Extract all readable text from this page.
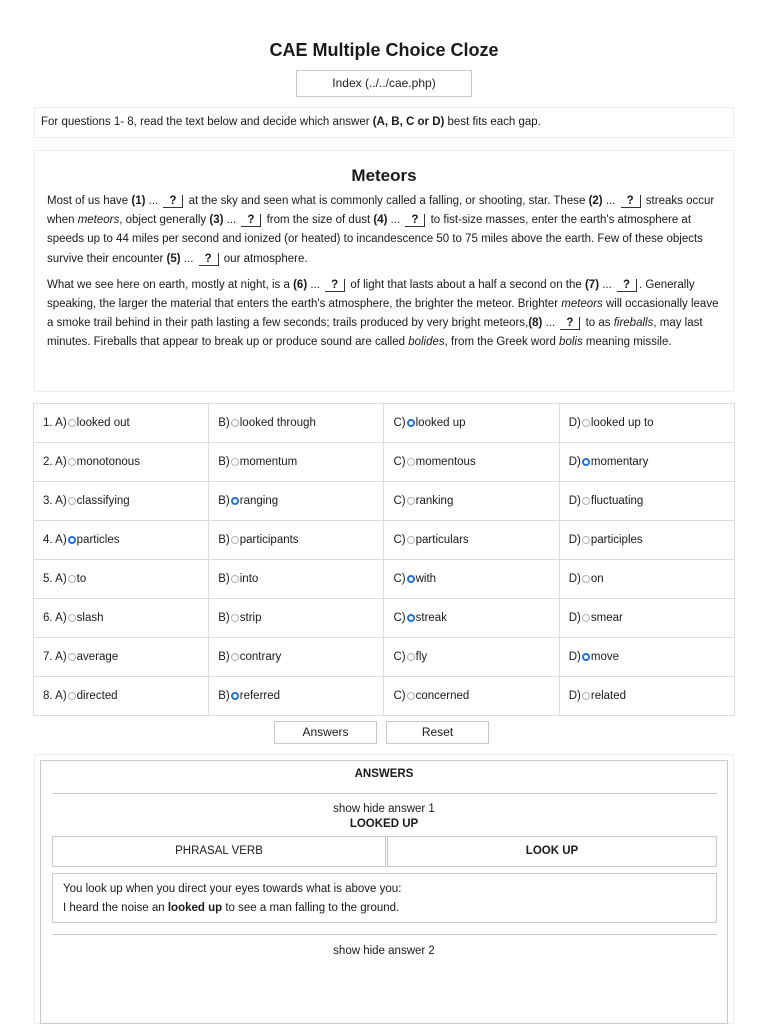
CAE Multiple Choice Cloze
Index (../../cae.php)
For questions 1- 8, read the text below and decide which answer (A, B, C or D) best fits each gap.
Meteors

Most of us have (1) ... ? at the sky and seen what is commonly called a falling, or shooting, star. These (2) ... ? streaks occur when meteors, object generally (3) ... ? from the size of dust (4) ... ? to fist-size masses, enter the earth's atmosphere at speeds up to 44 miles per second and ionized (or heated) to incandescence 50 to 75 miles above the earth. Few of these objects survive their encounter (5) ... ? our atmosphere.

What we see here on earth, mostly at night, is a (6) ... ? of light that lasts about a half a second on the (7) ... ? . Generally speaking, the larger the material that enters the earth's atmosphere, the brighter the meteor. Brighter meteors will occasionally leave a smoke trail behind in their path lasting a few seconds; trails produced by very bright meteors,(8) ... ? to as fireballs, may last minutes. Fireballs that appear to break up or produce sound are called bolides, from the Greek word bolis meaning missile.

1. A) looked out	B) looked through	C) looked up	D) looked up to
2. A) monotonous	B) momentum	C) momentous	D) momentary
3. A) classifying	B) ranging	C) ranking	D) fluctuating
4. A) particles	B) participants	C) particulars	D) participles
5. A) to	B) into	C) with	D) on
6. A) slash	B) strip	C) streak	D) smear
7. A) average	B) contrary	C) fly	D) move
8. A) directed	B) referred	C) concerned	D) related
Answers	Reset
ANSWERS
show hide answer 1
LOOKED UP
PHRASAL VERB	LOOK UP
You look up when you direct your eyes towards what is above you:
I heard the noise an looked up to see a man falling to the ground.
show hide answer 2
